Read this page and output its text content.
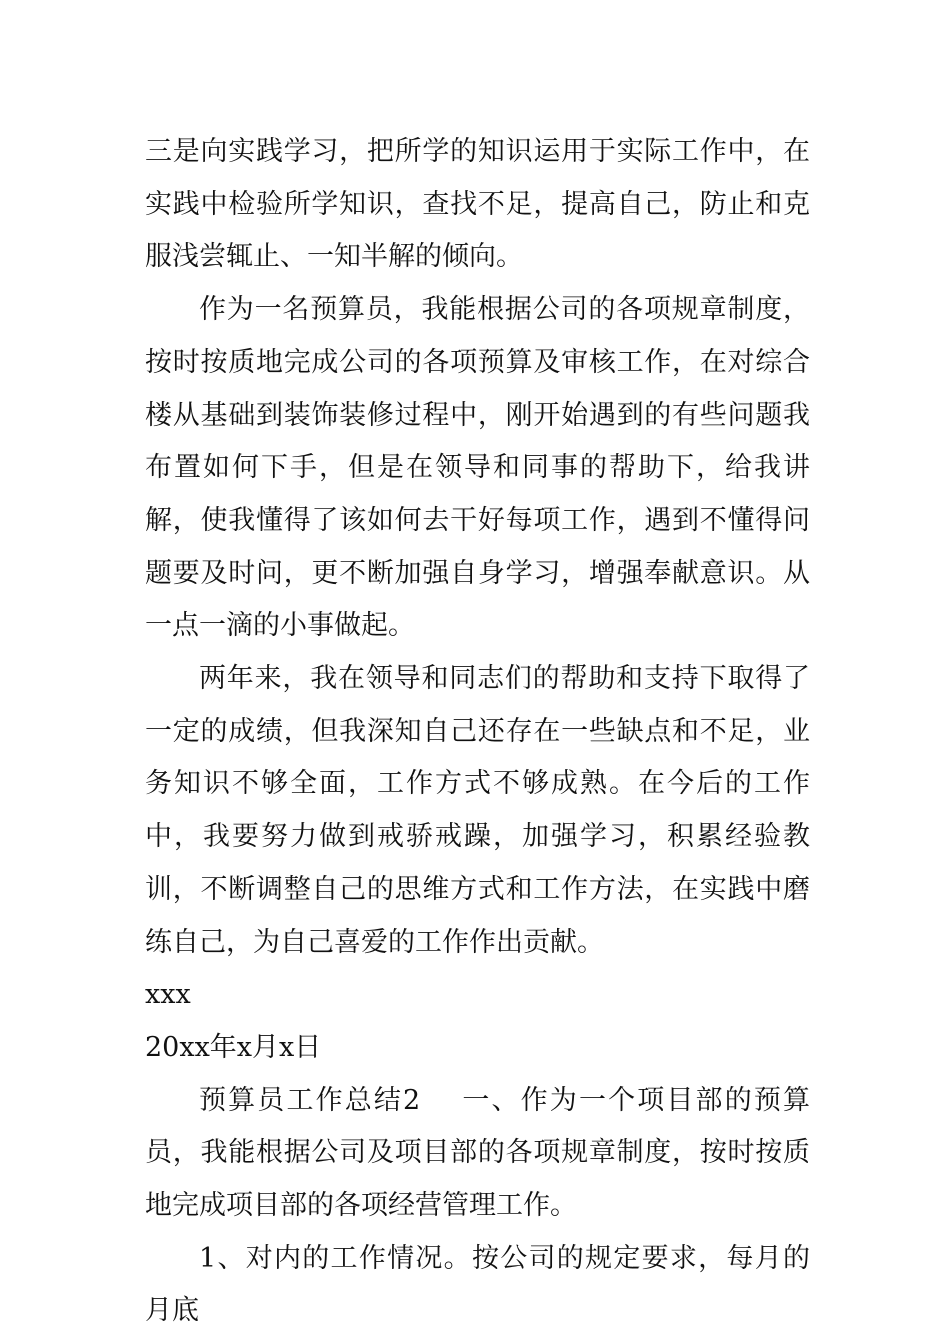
三是向实践学习，把所学的知识运用于实际工作中，在实践中检验所学知识，查找不足，提高自己，防止和克服浅尝辄止、一知半解的倾向。

作为一名预算员，我能根据公司的各项规章制度，按时按质地完成公司的各项预算及审核工作，在对综合楼从基础到装饰装修过程中，刚开始遇到的有些问题我布置如何下手，但是在领导和同事的帮助下，给我讲解，使我懂得了该如何去干好每项工作，遇到不懂得问题要及时问，更不断加强自身学习，增强奉献意识。从一点一滴的小事做起。

两年来，我在领导和同志们的帮助和支持下取得了一定的成绩，但我深知自己还存在一些缺点和不足，业务知识不够全面，工作方式不够成熟。在今后的工作中，我要努力做到戒骄戒躁，加强学习，积累经验教训，不断调整自己的思维方式和工作方法，在实践中磨练自己，为自己喜爱的工作作出贡献。

xxx

20xx年x月x日

预算员工作总结2 一、作为一个项目部的预算员，我能根据公司及项目部的各项规章制度，按时按质地完成项目部的各项经营管理工作。

1、对内的工作情况。按公司的规定要求，每月的月底
